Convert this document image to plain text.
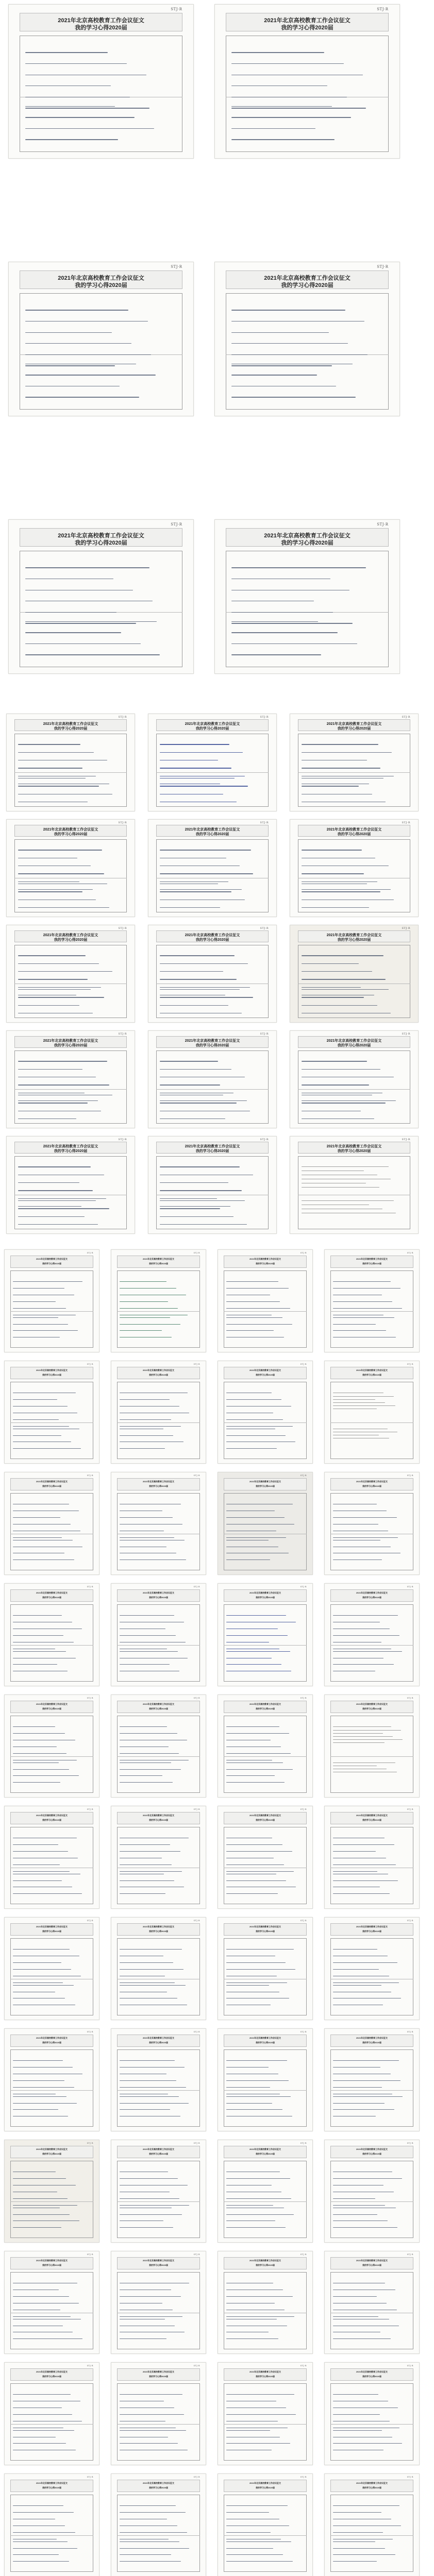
STJ·R
2021年北京高校教育工作会议征文
我的学习心得2020届
STJ·R
2021年北京高校教育工作会议征文
我的学习心得2020届
STJ·R
2021年北京高校教育工作会议征文
我的学习心得2020届
STJ·R
2021年北京高校教育工作会议征文
我的学习心得2020届
STJ·R
2021年北京高校教育工作会议征文
我的学习心得2020届
STJ·R
2021年北京高校教育工作会议征文
我的学习心得2020届
STJ·R
2021年北京高校教育工作会议征文
我的学习心得2020届
STJ·R
2021年北京高校教育工作会议征文
我的学习心得2020届
STJ·R
2021年北京高校教育工作会议征文
我的学习心得2020届
STJ·R
2021年北京高校教育工作会议征文
我的学习心得2020届
STJ·R
2021年北京高校教育工作会议征文
我的学习心得2020届
STJ·R
2021年北京高校教育工作会议征文
我的学习心得2020届
STJ·R
2021年北京高校教育工作会议征文
我的学习心得2020届
STJ·R
2021年北京高校教育工作会议征文
我的学习心得2020届
STJ·R
2021年北京高校教育工作会议征文
我的学习心得2020届
STJ·R
2021年北京高校教育工作会议征文
我的学习心得2020届
STJ·R
2021年北京高校教育工作会议征文
我的学习心得2020届
STJ·R
2021年北京高校教育工作会议征文
我的学习心得2020届
STJ·R
2021年北京高校教育工作会议征文
我的学习心得2020届
STJ·R
2021年北京高校教育工作会议征文
我的学习心得2020届
STJ·R
2021年北京高校教育工作会议征文
我的学习心得2020届
STJ·R
2021年北京高校教育工作会议征文
我的学习心得2020届
STJ·R
2021年北京高校教育工作会议征文
我的学习心得2020届
STJ·R
2021年北京高校教育工作会议征文
我的学习心得2020届
STJ·R
2021年北京高校教育工作会议征文
我的学习心得2020届
STJ·R
2021年北京高校教育工作会议征文
我的学习心得2020届
STJ·R
2021年北京高校教育工作会议征文
我的学习心得2020届
STJ·R
2021年北京高校教育工作会议征文
我的学习心得2020届
STJ·R
2021年北京高校教育工作会议征文
我的学习心得2020届
STJ·R
2021年北京高校教育工作会议征文
我的学习心得2020届
STJ·R
2021年北京高校教育工作会议征文
我的学习心得2020届
STJ·R
2021年北京高校教育工作会议征文
我的学习心得2020届
STJ·R
2021年北京高校教育工作会议征文
我的学习心得2020届
STJ·R
2021年北京高校教育工作会议征文
我的学习心得2020届
STJ·R
2021年北京高校教育工作会议征文
我的学习心得2020届
STJ·R
2021年北京高校教育工作会议征文
我的学习心得2020届
STJ·R
2021年北京高校教育工作会议征文
我的学习心得2020届
STJ·R
2021年北京高校教育工作会议征文
我的学习心得2020届
STJ·R
2021年北京高校教育工作会议征文
我的学习心得2020届
STJ·R
2021年北京高校教育工作会议征文
我的学习心得2020届
STJ·R
2021年北京高校教育工作会议征文
我的学习心得2020届
STJ·R
2021年北京高校教育工作会议征文
我的学习心得2020届
STJ·R
2021年北京高校教育工作会议征文
我的学习心得2020届
STJ·R
2021年北京高校教育工作会议征文
我的学习心得2020届
STJ·R
2021年北京高校教育工作会议征文
我的学习心得2020届
STJ·R
2021年北京高校教育工作会议征文
我的学习心得2020届
STJ·R
2021年北京高校教育工作会议征文
我的学习心得2020届
STJ·R
2021年北京高校教育工作会议征文
我的学习心得2020届
STJ·R
2021年北京高校教育工作会议征文
我的学习心得2020届
STJ·R
2021年北京高校教育工作会议征文
我的学习心得2020届
STJ·R
2021年北京高校教育工作会议征文
我的学习心得2020届
STJ·R
2021年北京高校教育工作会议征文
我的学习心得2020届
STJ·R
2021年北京高校教育工作会议征文
我的学习心得2020届
STJ·R
2021年北京高校教育工作会议征文
我的学习心得2020届
STJ·R
2021年北京高校教育工作会议征文
我的学习心得2020届
STJ·R
2021年北京高校教育工作会议征文
我的学习心得2020届
STJ·R
2021年北京高校教育工作会议征文
我的学习心得2020届
STJ·R
2021年北京高校教育工作会议征文
我的学习心得2020届
STJ·R
2021年北京高校教育工作会议征文
我的学习心得2020届
STJ·R
2021年北京高校教育工作会议征文
我的学习心得2020届
STJ·R
2021年北京高校教育工作会议征文
我的学习心得2020届
STJ·R
2021年北京高校教育工作会议征文
我的学习心得2020届
STJ·R
2021年北京高校教育工作会议征文
我的学习心得2020届
STJ·R
2021年北京高校教育工作会议征文
我的学习心得2020届
STJ·R
2021年北京高校教育工作会议征文
我的学习心得2020届
STJ·R
2021年北京高校教育工作会议征文
我的学习心得2020届
STJ·R
2021年北京高校教育工作会议征文
我的学习心得2020届
STJ·R
2021年北京高校教育工作会议征文
我的学习心得2020届
STJ·R
2021年北京高校教育工作会议征文
我的学习心得2020届
